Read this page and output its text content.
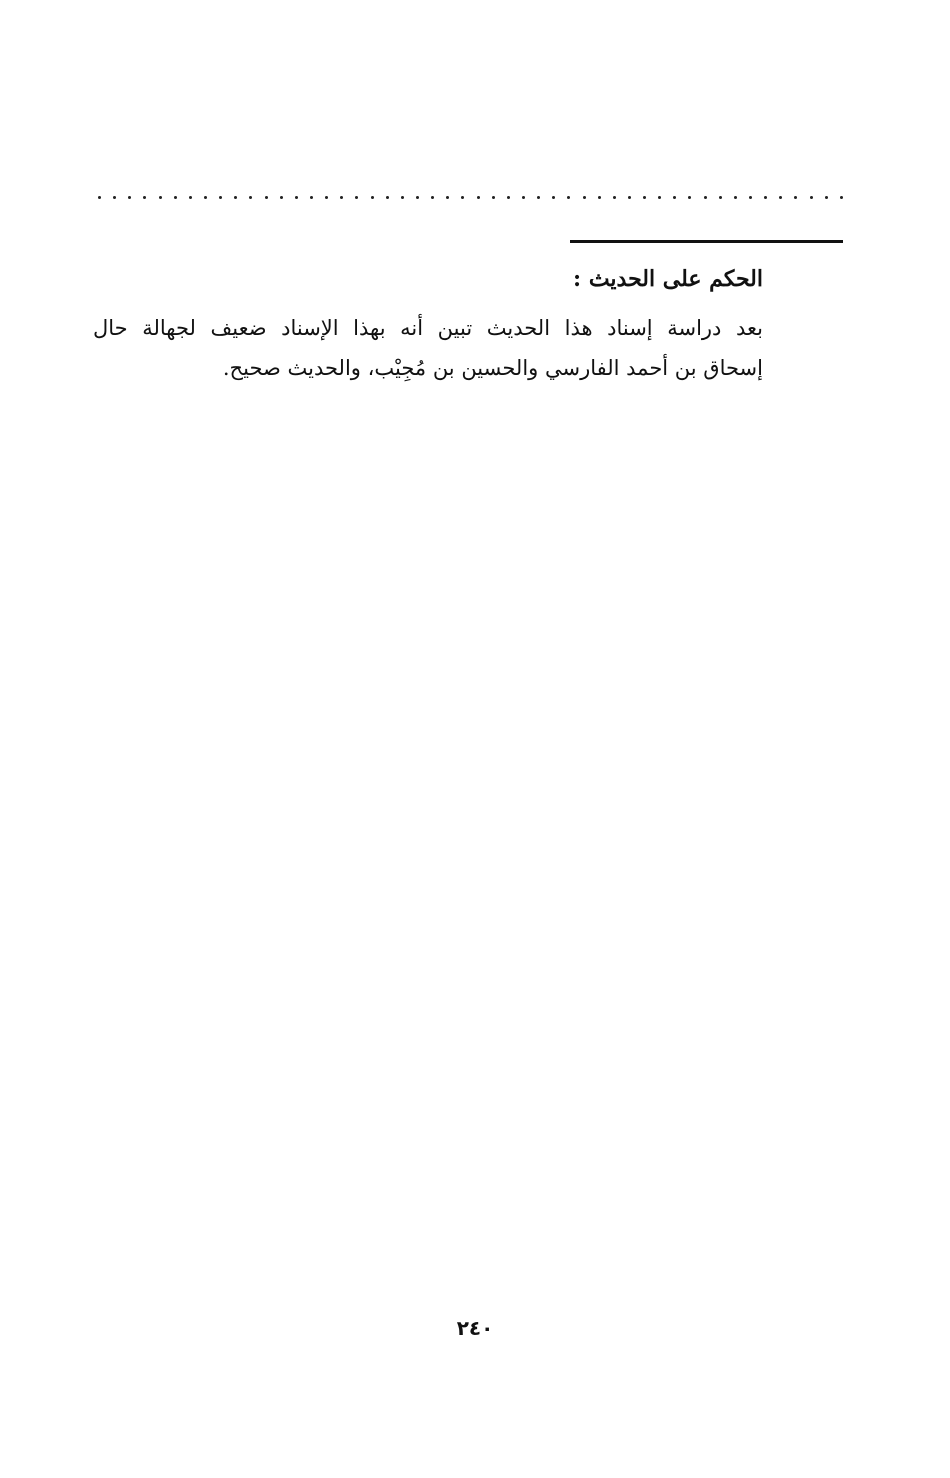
الحكم على الحديث :
بعد دراسة إسناد هذا الحديث تبين أنه بهذا الإسناد ضعيف لجهالة حال
إسحاق بن أحمد الفارسي والحسين بن مُجِيْب، والحديث صحيح.
٢٤٠
